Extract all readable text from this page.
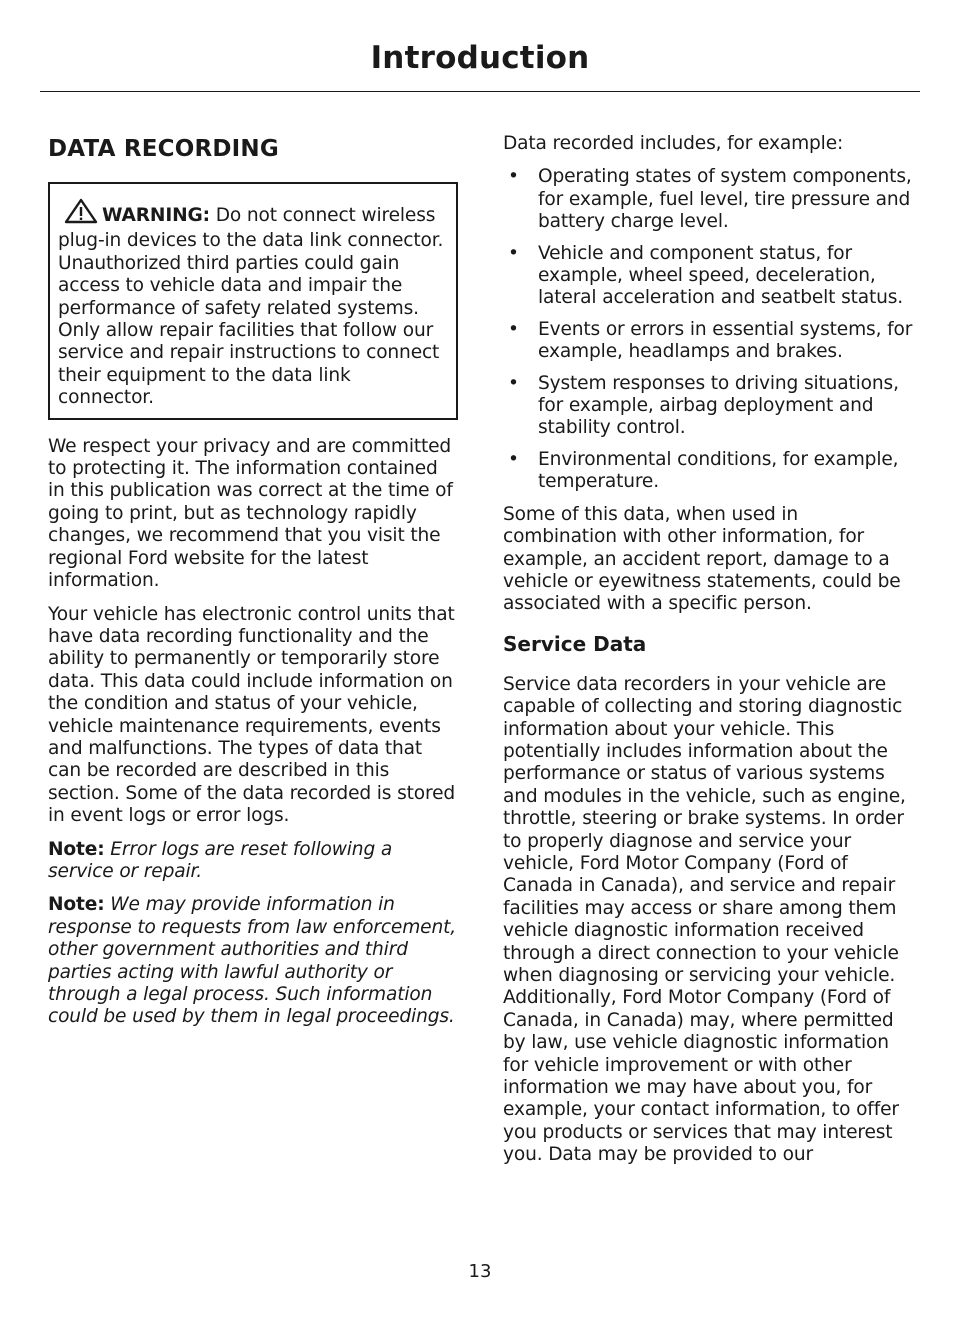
Introduction
DATA RECORDING

WARNING: Do not connect wireless plug-in devices to the data link connector. Unauthorized third parties could gain access to vehicle data and impair the performance of safety related systems. Only allow repair facilities that follow our service and repair instructions to connect their equipment to the data link connector.

We respect your privacy and are committed to protecting it. The information contained in this publication was correct at the time of going to print, but as technology rapidly changes, we recommend that you visit the regional Ford website for the latest information.

Your vehicle has electronic control units that have data recording functionality and the ability to permanently or temporarily store data. This data could include information on the condition and status of your vehicle, vehicle maintenance requirements, events and malfunctions. The types of data that can be recorded are described in this section. Some of the data recorded is stored in event logs or error logs.

Note: Error logs are reset following a service or repair.

Note: We may provide information in response to requests from law enforcement, other government authorities and third parties acting with lawful authority or through a legal process. Such information could be used by them in legal proceedings.

Data recorded includes, for example:

• Operating states of system components, for example, fuel level, tire pressure and battery charge level.
• Vehicle and component status, for example, wheel speed, deceleration, lateral acceleration and seatbelt status.
• Events or errors in essential systems, for example, headlamps and brakes.
• System responses to driving situations, for example, airbag deployment and stability control.
• Environmental conditions, for example, temperature.

Some of this data, when used in combination with other information, for example, an accident report, damage to a vehicle or eyewitness statements, could be associated with a specific person.

Service Data

Service data recorders in your vehicle are capable of collecting and storing diagnostic information about your vehicle. This potentially includes information about the performance or status of various systems and modules in the vehicle, such as engine, throttle, steering or brake systems. In order to properly diagnose and service your vehicle, Ford Motor Company (Ford of Canada in Canada), and service and repair facilities may access or share among them vehicle diagnostic information received through a direct connection to your vehicle when diagnosing or servicing your vehicle. Additionally, Ford Motor Company (Ford of Canada, in Canada) may, where permitted by law, use vehicle diagnostic information for vehicle improvement or with other information we may have about you, for example, your contact information, to offer you products or services that may interest you. Data may be provided to our

13
